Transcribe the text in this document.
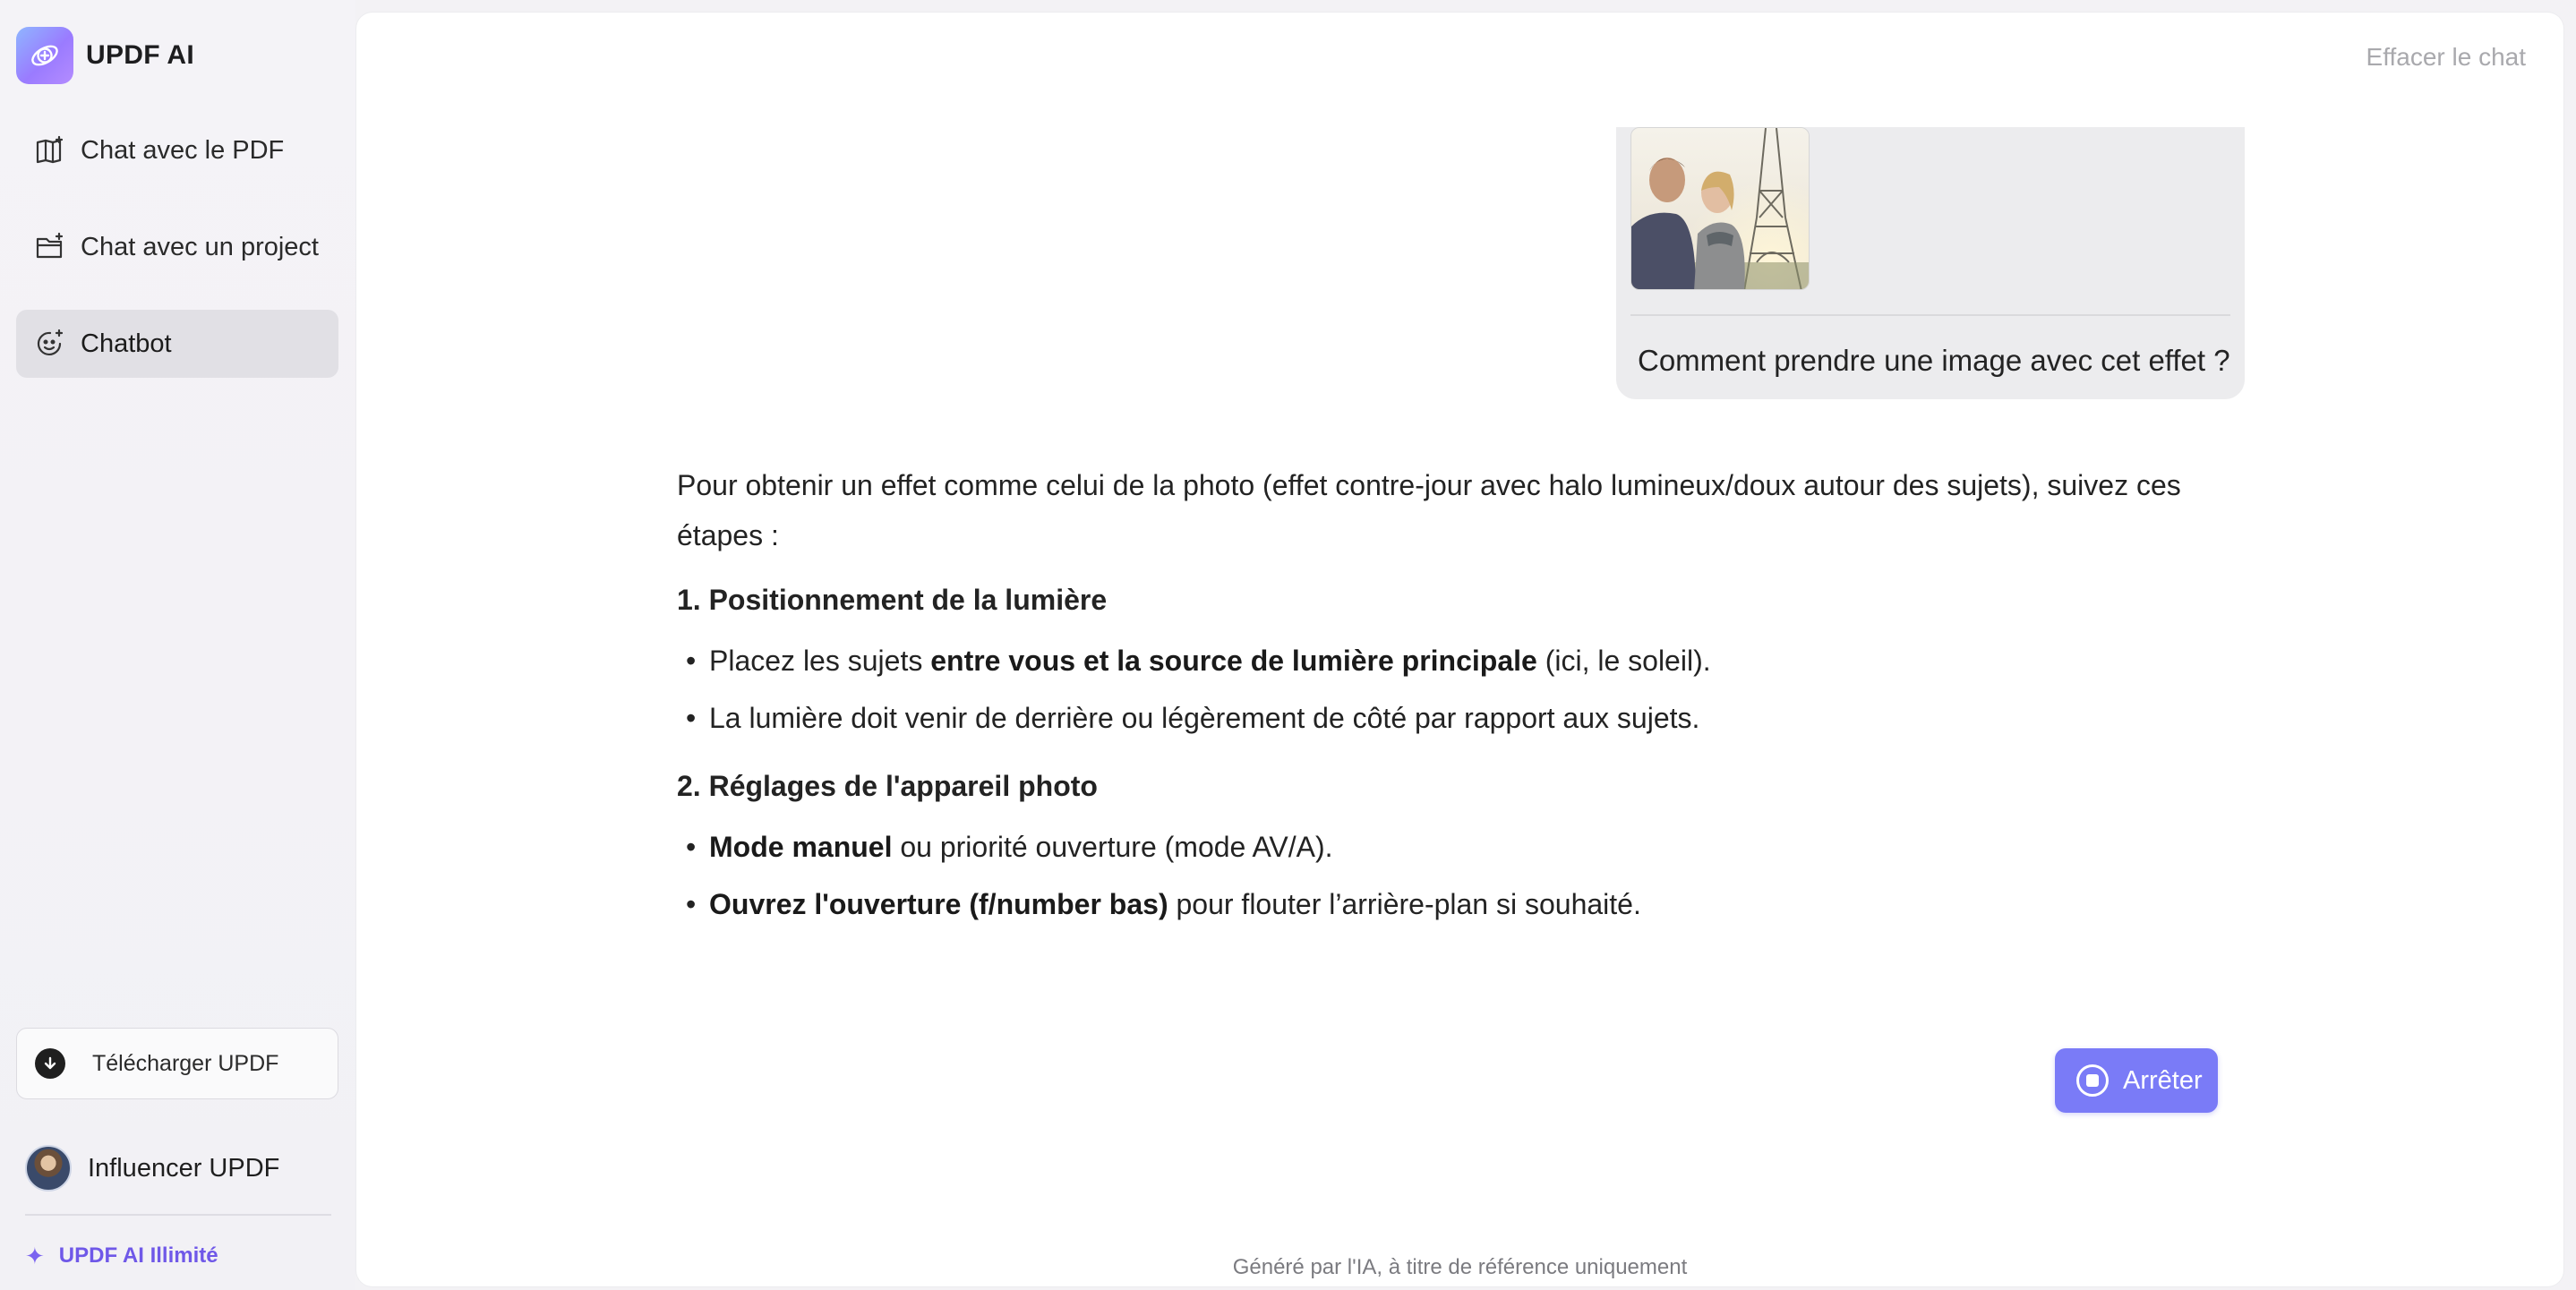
UPDF AI
Chat avec le PDF
Chat avec un project
Chatbot
Télécharger UPDF
Influencer UPDF
✦ UPDF AI Illimité
Effacer le chat
Comment prendre une image avec cet effet ?
Pour obtenir un effet comme celui de la photo (effet contre-jour avec halo lumineux/doux autour des sujets), suivez ces étapes :
1. Positionnement de la lumière
• Placez les sujets entre vous et la source de lumière principale (ici, le soleil).
• La lumière doit venir de derrière ou légèrement de côté par rapport aux sujets.
2. Réglages de l'appareil photo
• Mode manuel ou priorité ouverture (mode AV/A).
• Ouvrez l'ouverture (f/number bas) pour flouter l’arrière-plan si souhaité.
Arrêter
Généré par l'IA, à titre de référence uniquement
